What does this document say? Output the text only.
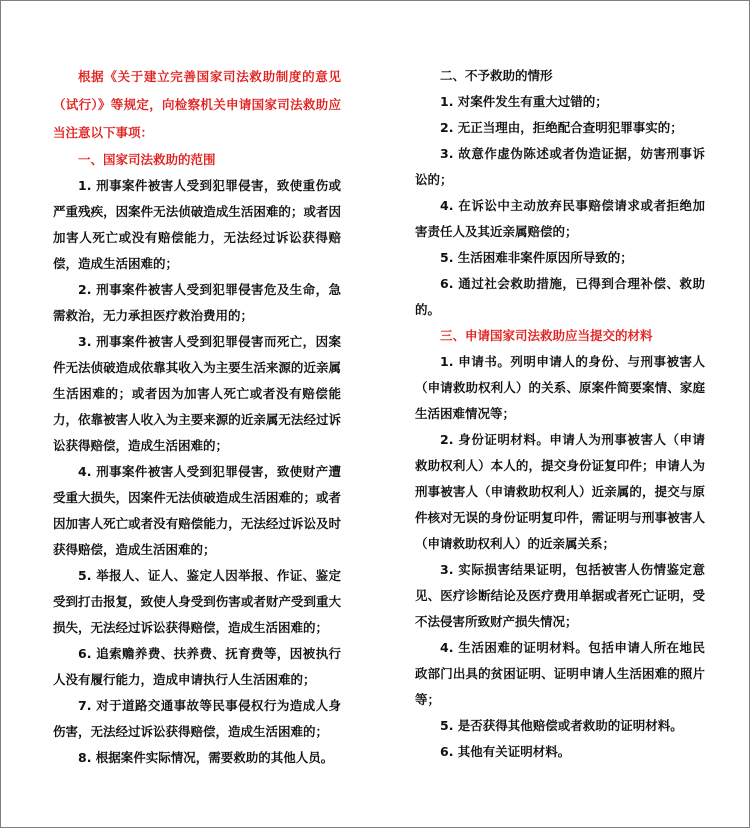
根据《关于建立完善国家司法救助制度的意见（试行）》等规定，向检察机关申请国家司法救助应当注意以下事项：

一、国家司法救助的范围

1. 刑事案件被害人受到犯罪侵害，致使重伤或严重残疾，因案件无法侦破造成生活困难的；或者因加害人死亡或没有赔偿能力，无法经过诉讼获得赔偿，造成生活困难的；

2. 刑事案件被害人受到犯罪侵害危及生命，急需救治，无力承担医疗救治费用的；

3. 刑事案件被害人受到犯罪侵害而死亡，因案件无法侦破造成依靠其收入为主要生活来源的近亲属生活困难的；或者因为加害人死亡或者没有赔偿能力，依靠被害人收入为主要来源的近亲属无法经过诉讼获得赔偿，造成生活困难的；

4. 刑事案件被害人受到犯罪侵害，致使财产遭受重大损失，因案件无法侦破造成生活困难的；或者因加害人死亡或者没有赔偿能力，无法经过诉讼及时获得赔偿，造成生活困难的；

5. 举报人、证人、鉴定人因举报、作证、鉴定受到打击报复，致使人身受到伤害或者财产受到重大损失，无法经过诉讼获得赔偿，造成生活困难的；

6. 追索赡养费、扶养费、抚育费等，因被执行人没有履行能力，造成申请执行人生活困难的；

7. 对于道路交通事故等民事侵权行为造成人身伤害，无法经过诉讼获得赔偿，造成生活困难的；

8. 根据案件实际情况，需要救助的其他人员。

二、不予救助的情形

1. 对案件发生有重大过错的；

2. 无正当理由，拒绝配合查明犯罪事实的；

3. 故意作虚伪陈述或者伪造证据，妨害刑事诉讼的；

4. 在诉讼中主动放弃民事赔偿请求或者拒绝加害责任人及其近亲属赔偿的；

5. 生活困难非案件原因所导致的；

6. 通过社会救助措施，已得到合理补偿、救助的。

三、申请国家司法救助应当提交的材料

1. 申请书。列明申请人的身份、与刑事被害人（申请救助权利人）的关系、原案件简要案情、家庭生活困难情况等；

2. 身份证明材料。申请人为刑事被害人（申请救助权利人）本人的，提交身份证复印件；申请人为刑事被害人（申请救助权利人）近亲属的，提交与原件核对无误的身份证明复印件，需证明与刑事被害人（申请救助权利人）的近亲属关系；

3. 实际损害结果证明，包括被害人伤情鉴定意见、医疗诊断结论及医疗费用单据或者死亡证明，受不法侵害所致财产损失情况；

4. 生活困难的证明材料。包括申请人所在地民政部门出具的贫困证明、证明申请人生活困难的照片等；

5. 是否获得其他赔偿或者救助的证明材料。

6. 其他有关证明材料。
